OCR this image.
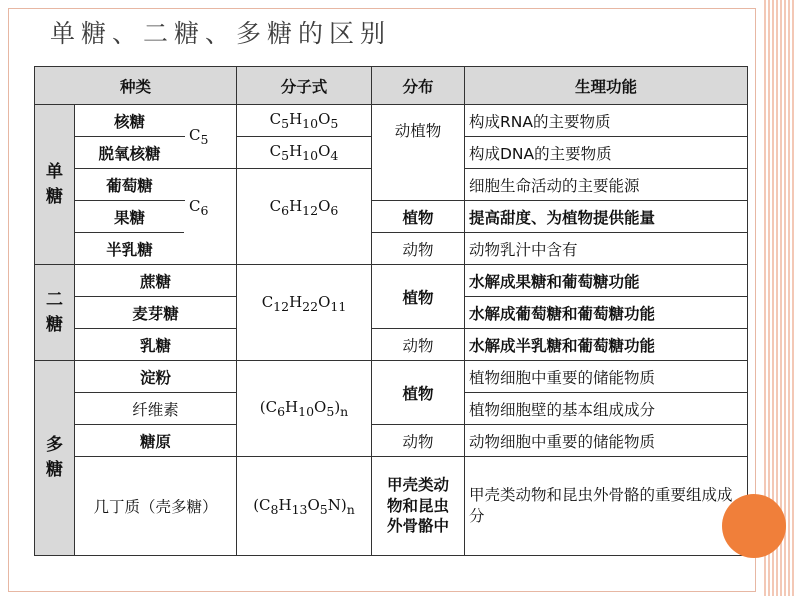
单糖、二糖、多糖的区别
种类			分子式	分布	生理功能
单糖	核糖	$C_5$	$C_5H_{10}O_5$	动植物	构成RNA的主要物质
	脱氧核糖		$C_5H_{10}O_4$		构成DNA的主要物质
	葡萄糖	$C_6$	$C_6H_{12}O_6$		细胞生命活动的主要能源
	果糖			植物	提高甜度、为植物提供能量
	半乳糖			动物	动物乳汁中含有
二糖	蔗糖		$C_{12}H_{22}O_{11}$	植物	水解成果糖和葡萄糖功能
	麦芽糖				水解成葡萄糖和葡萄糖功能
	乳糖			动物	水解成半乳糖和葡萄糖功能
多糖	淀粉		$(C_6H_{10}O_5)_n$	植物	植物细胞中重要的储能物质
	纤维素				植物细胞壁的基本组成成分
	糖原			动物	动物细胞中重要的储能物质
	几丁质（壳多糖）		$(C_8H_{13}O_5N)_n$	甲壳类动物和昆虫外骨骼中	甲壳类动物和昆虫外骨骼的重要组成成分
